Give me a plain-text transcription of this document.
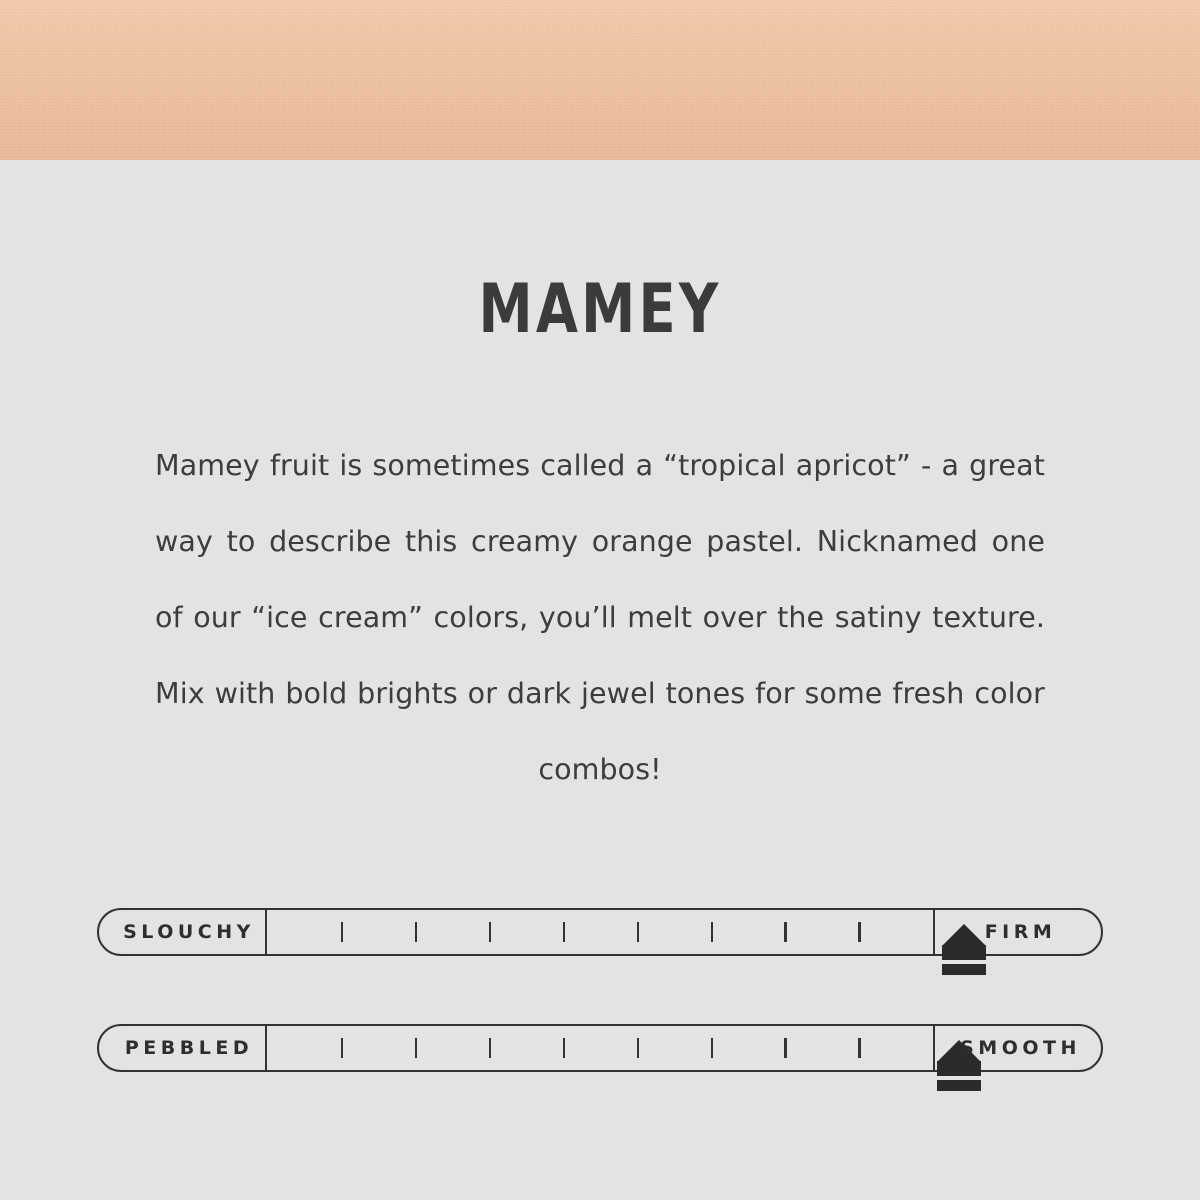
MAMEY
Mamey fruit is sometimes called a “tropical apricot” - a great way to describe this creamy orange pastel. Nicknamed one of our “ice cream” colors, you’ll melt over the satiny texture. Mix with bold brights or dark jewel tones for some fresh color combos!
SLOUCHY	FIRM
PEBBLED	SMOOTH
